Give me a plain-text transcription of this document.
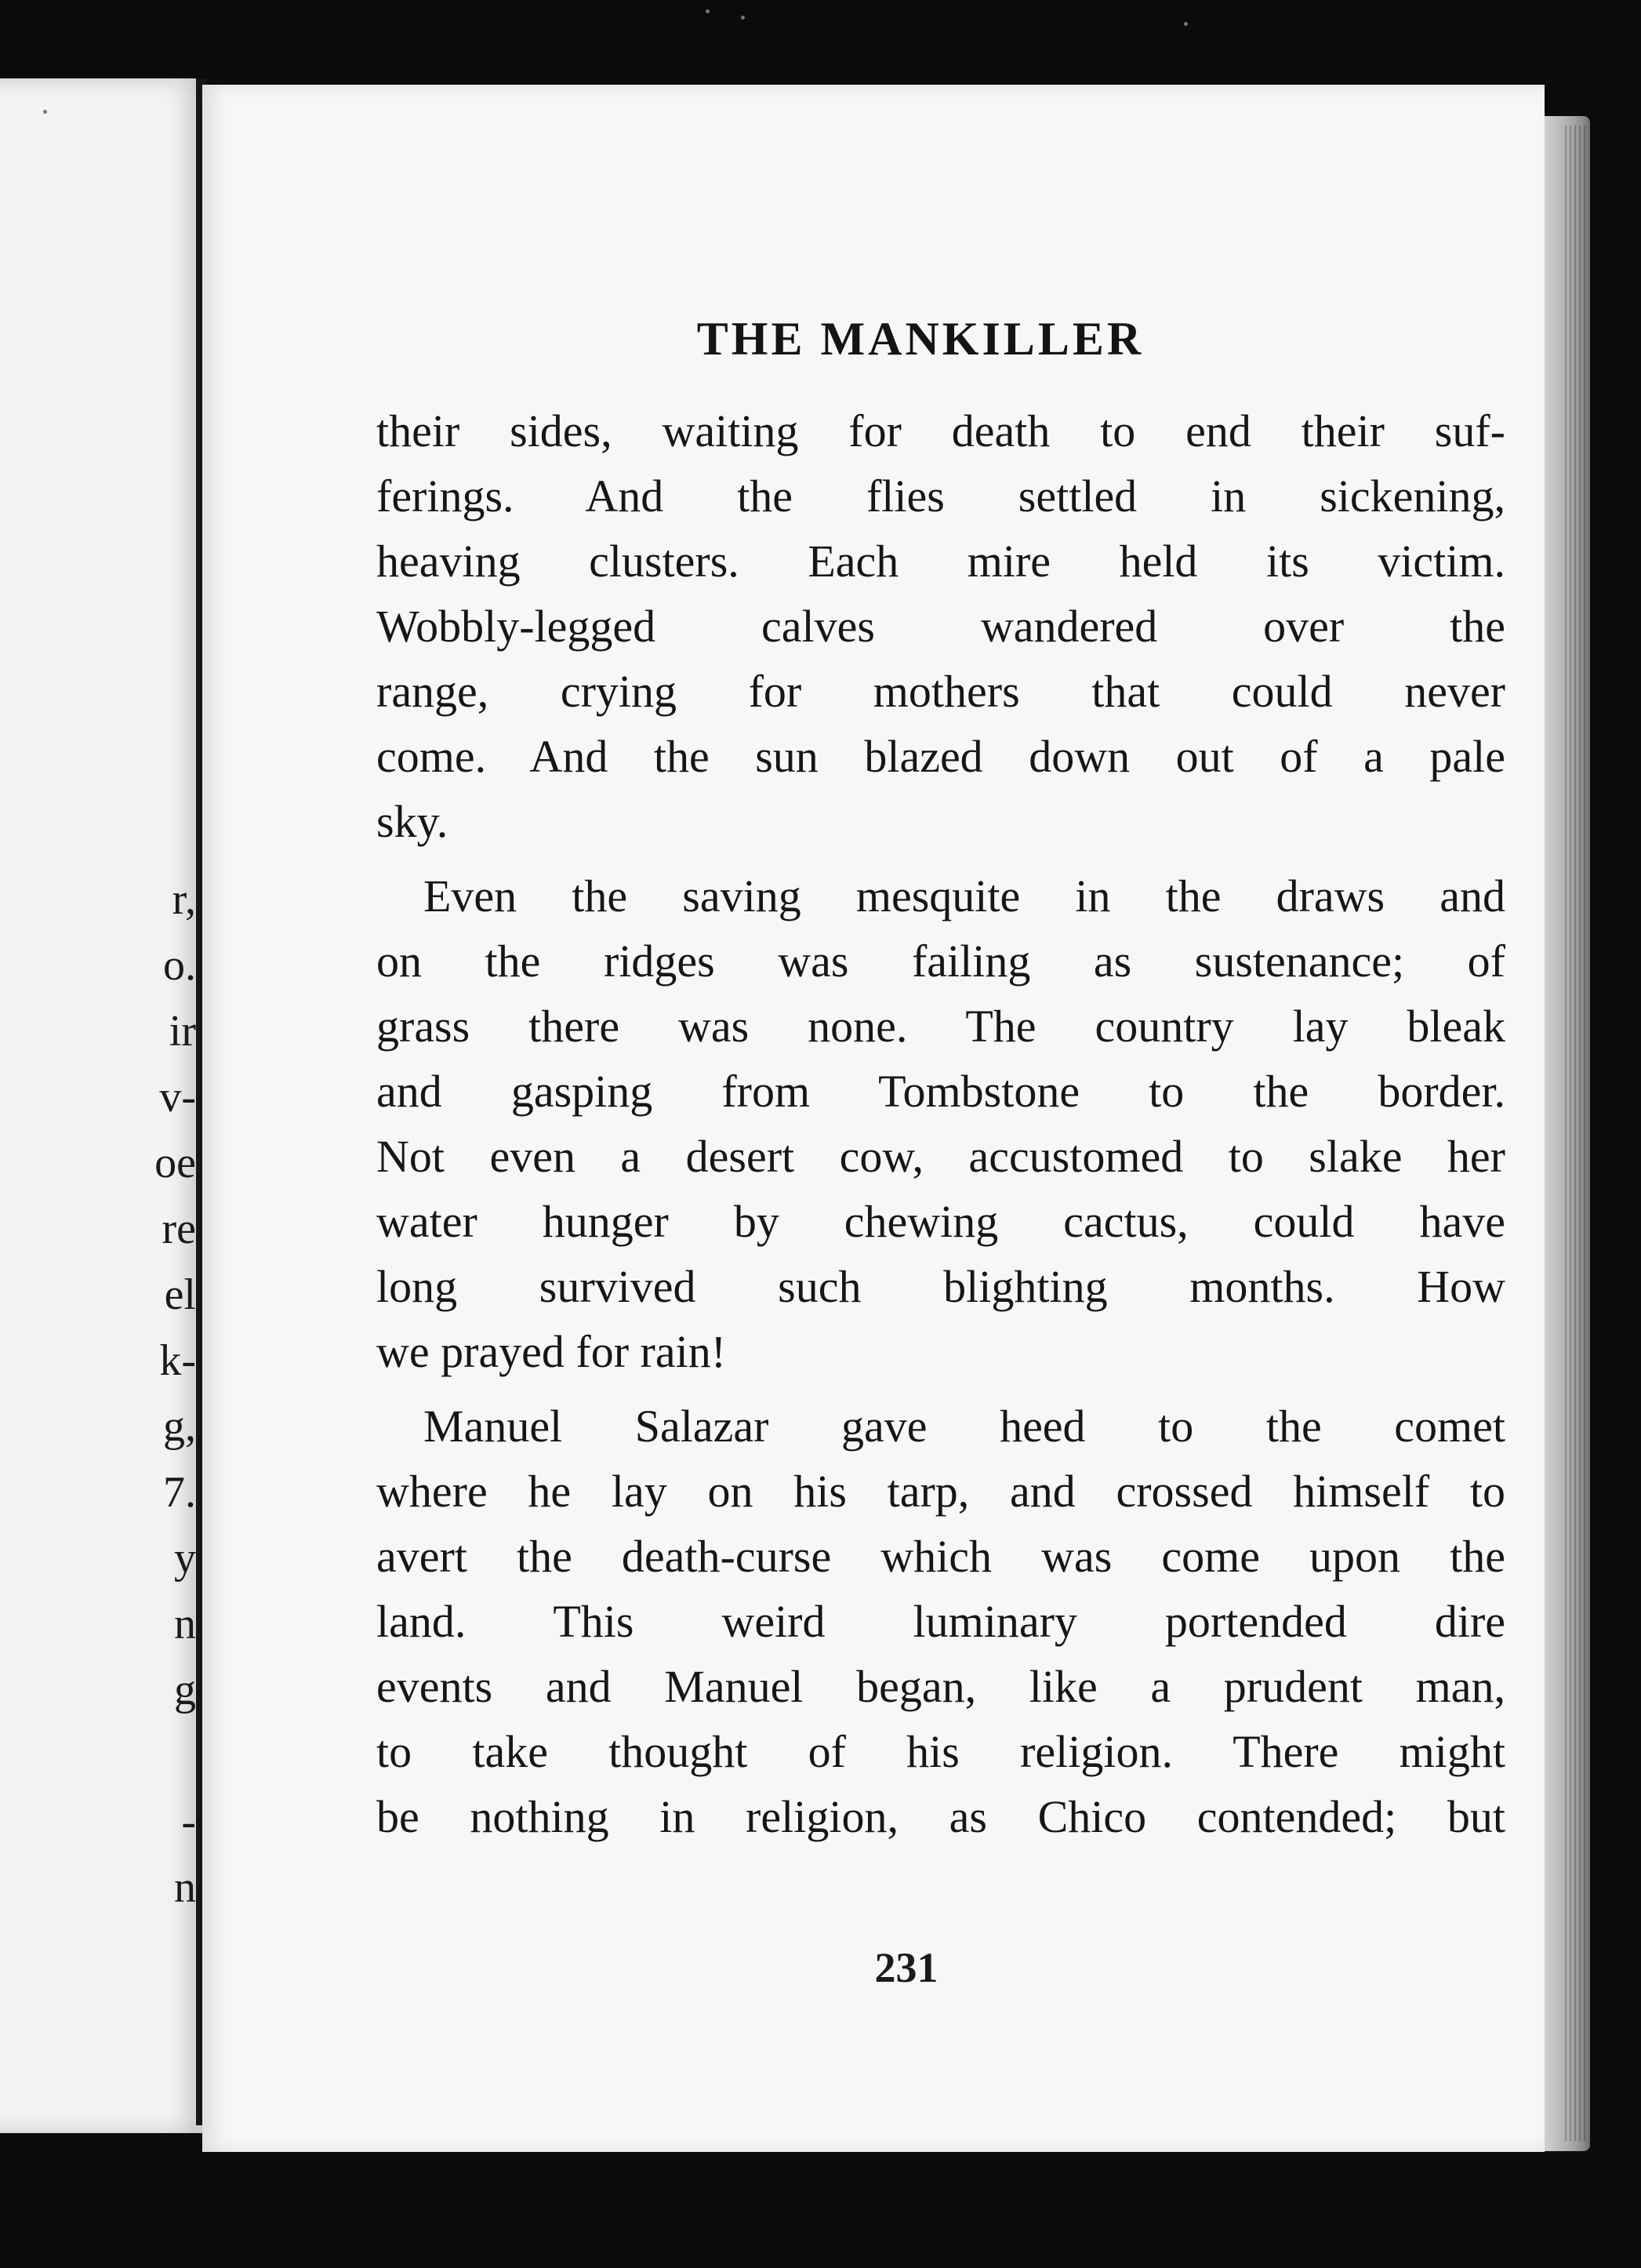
r,
o.
ir
v-
oe
re
el
k-
g,
7.
y
n
g
-
n
THE MANKILLER
their sides, waiting for death to end their suf-
ferings. And the flies settled in sickening,
heaving clusters. Each mire held its victim.
Wobbly-legged calves wandered over the
range, crying for mothers that could never
come. And the sun blazed down out of a pale
sky.
Even the saving mesquite in the draws and
on the ridges was failing as sustenance; of
grass there was none. The country lay bleak
and gasping from Tombstone to the border.
Not even a desert cow, accustomed to slake her
water hunger by chewing cactus, could have
long survived such blighting months. How
we prayed for rain!
Manuel Salazar gave heed to the comet
where he lay on his tarp, and crossed himself to
avert the death-curse which was come upon the
land. This weird luminary portended dire
events and Manuel began, like a prudent man,
to take thought of his religion. There might
be nothing in religion, as Chico contended; but
231
